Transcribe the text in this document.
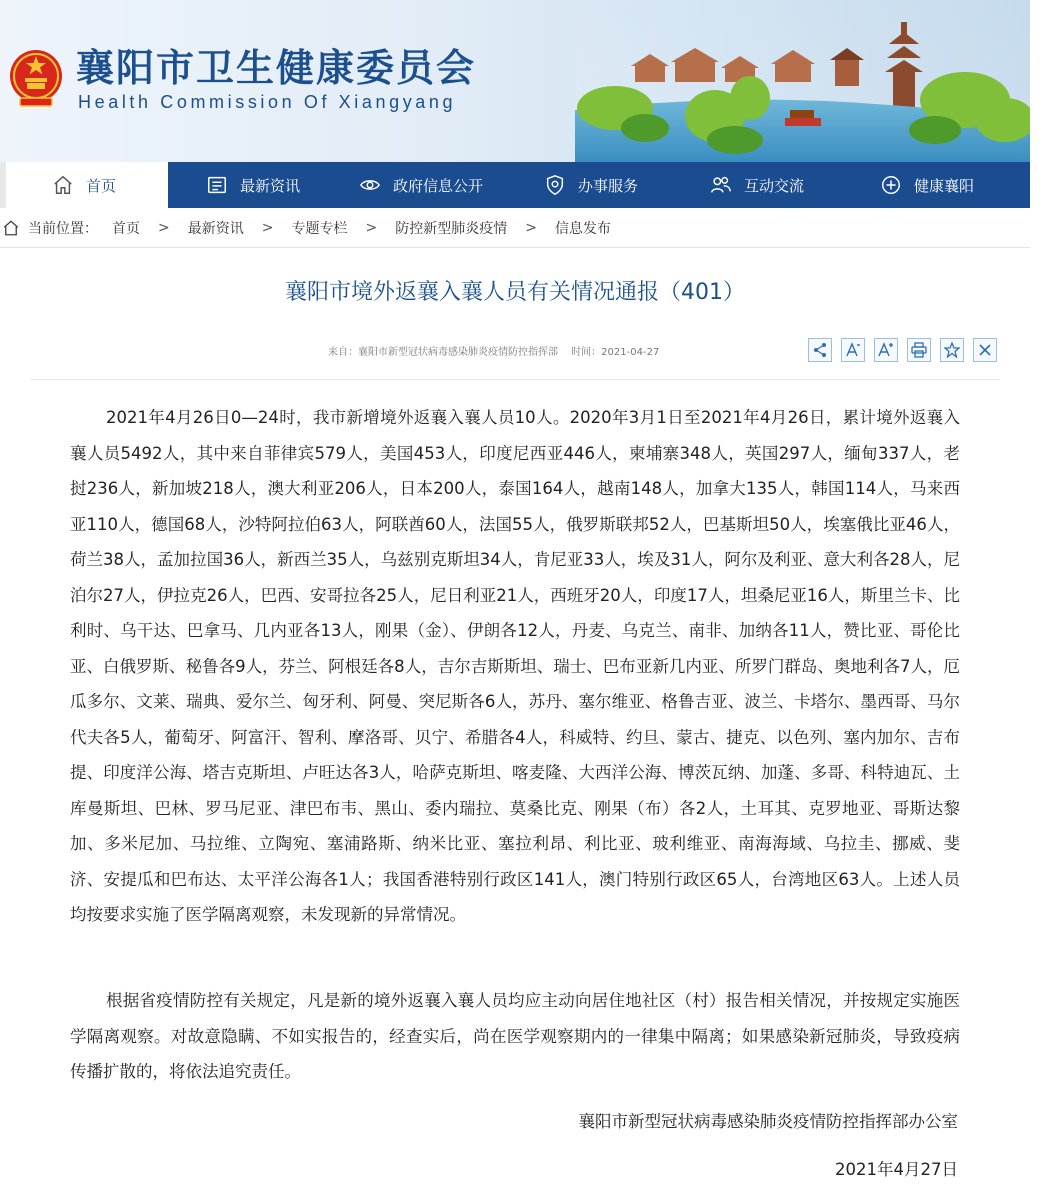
襄阳市卫生健康委员会
Health Commission Of Xiangyang
首页	最新资讯	政府信息公开	办事服务	互动交流	健康襄阳
当前位置： 首页 > 最新资讯 > 专题专栏 > 防控新型肺炎疫情 > 信息发布
襄阳市境外返襄入襄人员有关情况通报（401）
来自：襄阳市新型冠状病毒感染肺炎疫情防控指挥部 时间：2021-04-27

2021年4月26日0—24时，我市新增境外返襄入襄人员10人。2020年3月1日至2021年4月26日，累计境外返襄入襄人员5492人，其中来自菲律宾579人，美国453人，印度尼西亚446人，柬埔寨348人，英国297人，缅甸337人，老挝236人，新加坡218人，澳大利亚206人，日本200人，泰国164人，越南148人，加拿大135人，韩国114人，马来西亚110人，德国68人，沙特阿拉伯63人，阿联酋60人，法国55人，俄罗斯联邦52人，巴基斯坦50人，埃塞俄比亚46人，荷兰38人，孟加拉国36人，新西兰35人，乌兹别克斯坦34人，肯尼亚33人，埃及31人，阿尔及利亚、意大利各28人，尼泊尔27人，伊拉克26人，巴西、安哥拉各25人，尼日利亚21人，西班牙20人，印度17人，坦桑尼亚16人，斯里兰卡、比利时、乌干达、巴拿马、几内亚各13人，刚果（金）、伊朗各12人，丹麦、乌克兰、南非、加纳各11人，赞比亚、哥伦比亚、白俄罗斯、秘鲁各9人，芬兰、阿根廷各8人，吉尔吉斯斯坦、瑞士、巴布亚新几内亚、所罗门群岛、奥地利各7人，厄瓜多尔、文莱、瑞典、爱尔兰、匈牙利、阿曼、突尼斯各6人，苏丹、塞尔维亚、格鲁吉亚、波兰、卡塔尔、墨西哥、马尔代夫各5人，葡萄牙、阿富汗、智利、摩洛哥、贝宁、希腊各4人，科威特、约旦、蒙古、捷克、以色列、塞内加尔、吉布提、印度洋公海、塔吉克斯坦、卢旺达各3人，哈萨克斯坦、喀麦隆、大西洋公海、博茨瓦纳、加蓬、多哥、科特迪瓦、土库曼斯坦、巴林、罗马尼亚、津巴布韦、黑山、委内瑞拉、莫桑比克、刚果（布）各2人，土耳其、克罗地亚、哥斯达黎加、多米尼加、马拉维、立陶宛、塞浦路斯、纳米比亚、塞拉利昂、利比亚、玻利维亚、南海海域、乌拉圭、挪威、斐济、安提瓜和巴布达、太平洋公海各1人；我国香港特别行政区141人，澳门特别行政区65人，台湾地区63人。上述人员均按要求实施了医学隔离观察，未发现新的异常情况。

根据省疫情防控有关规定，凡是新的境外返襄入襄人员均应主动向居住地社区（村）报告相关情况，并按规定实施医学隔离观察。对故意隐瞒、不如实报告的，经查实后，尚在医学观察期内的一律集中隔离；如果感染新冠肺炎，导致疫病传播扩散的，将依法追究责任。

襄阳市新型冠状病毒感染肺炎疫情防控指挥部办公室
2021年4月27日
